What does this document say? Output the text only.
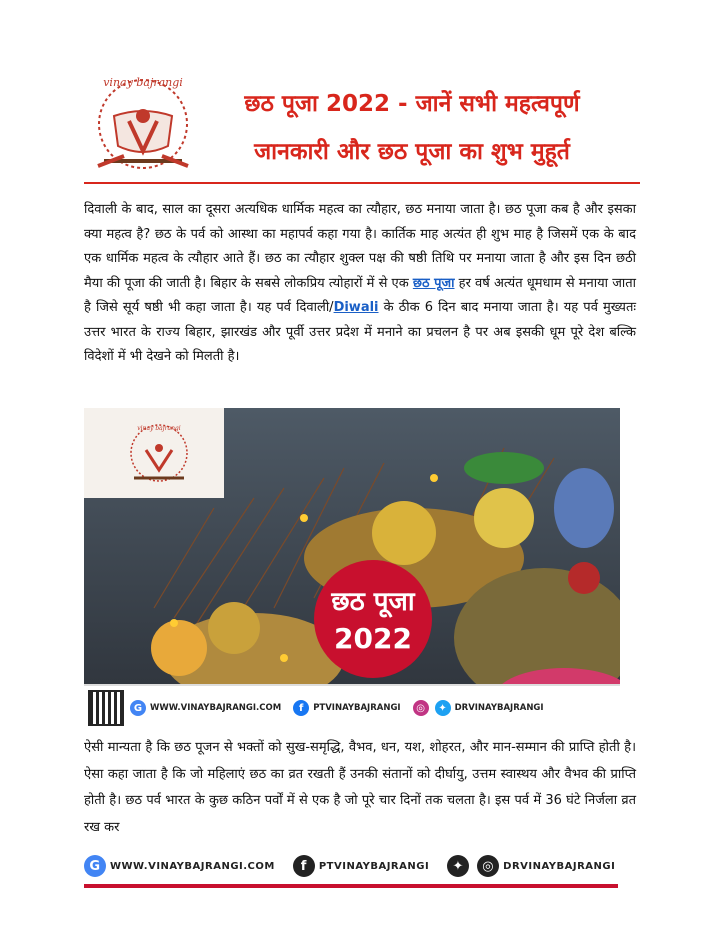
vinay bajrangi
छठ पूजा 2022 - जानें सभी महत्वपूर्ण
जानकारी और छठ पूजा का शुभ मुहूर्त
दिवाली के बाद, साल का दूसरा अत्यधिक धार्मिक महत्व का त्यौहार, छठ मनाया जाता है। छठ पूजा कब है और इसका क्या महत्व है? छठ के पर्व को आस्था का महापर्व कहा गया है। कार्तिक माह अत्यंत ही शुभ माह है जिसमें एक के बाद एक धार्मिक महत्व के त्यौहार आते हैं। छठ का त्यौहार शुक्ल पक्ष की षष्ठी तिथि पर मनाया जाता है और इस दिन छठी मैया की पूजा की जाती है। बिहार के सबसे लोकप्रिय त्योहारों में से एक छठ पूजा हर वर्ष अत्यंत धूमधाम से मनाया जाता है जिसे सूर्य षष्ठी भी कहा जाता है। यह पर्व दिवाली/Diwali के ठीक 6 दिन बाद मनाया जाता है। यह पर्व मुख्यतः उत्तर भारत के राज्य बिहार, झारखंड और पूर्वी उत्तर प्रदेश में मनाने का प्रचलन है पर अब इसकी धूम पूरे देश बल्कि विदेशों में भी देखने को मिलती है।
vinay bajrangi
छठ पूजा
2022
G WWW.VINAYBAJRANGI.COM	f	PTVINAYBAJRANGI	◎	✦ DRVINAYBAJRANGI
ऐसी मान्यता है कि छठ पूजन से भक्तों को सुख-समृद्धि, वैभव, धन, यश, शोहरत, और मान-सम्मान की प्राप्ति होती है। ऐसा कहा जाता है कि जो महिलाएं छठ का व्रत रखती हैं उनकी संतानों को दीर्घायु, उत्तम स्वास्थय और वैभव की प्राप्ति होती है। छठ पर्व भारत के कुछ कठिन पर्वों में से एक है जो पूरे चार दिनों तक चलता है। इस पर्व में 36 घंटे निर्जला व्रत रख कर
G WWW.VINAYBAJRANGI.COM	f	PTVINAYBAJRANGI	✦	◎ DRVINAYBAJRANGI
